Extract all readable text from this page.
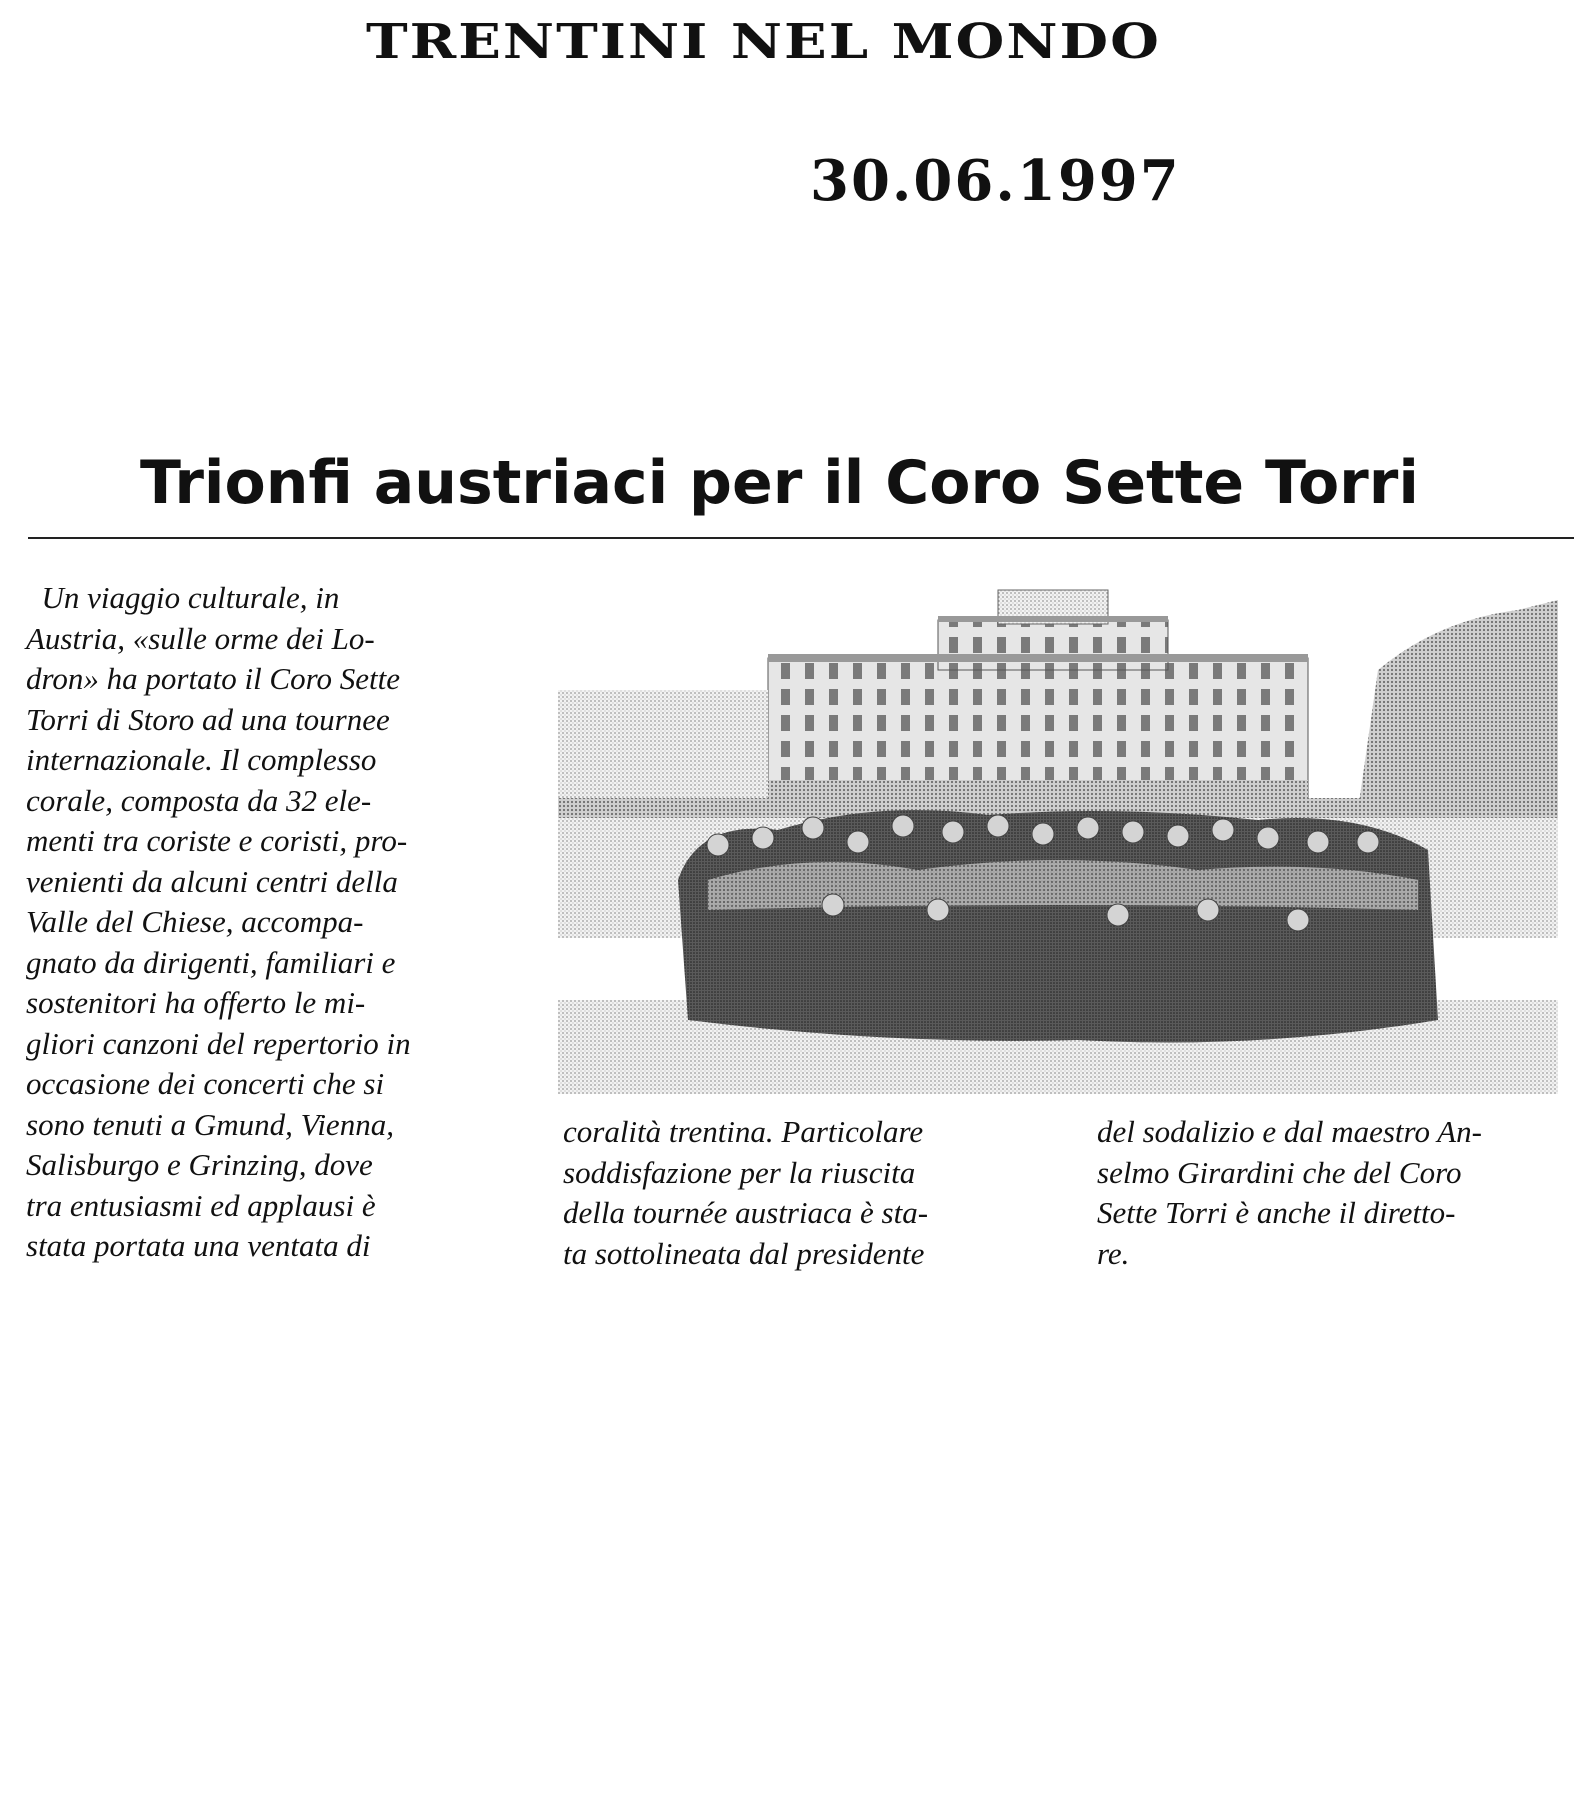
TRENTINI NEL MONDO
30.06.1997
Trionfi austriaci per il Coro Sette Torri
Un viaggio culturale, in
Austria, «sulle orme dei Lo-
dron» ha portato il Coro Sette
Torri di Storo ad una tournee
internazionale. Il complesso
corale, composta da 32 ele-
menti tra coriste e coristi, pro-
venienti da alcuni centri della
Valle del Chiese, accompa-
gnato da dirigenti, familiari e
sostenitori ha offerto le mi-
gliori canzoni del repertorio in
occasione dei concerti che si
sono tenuti a Gmund, Vienna,
Salisburgo e Grinzing, dove
tra entusiasmi ed applausi è
stata portata una ventata di
coralità trentina. Particolare
soddisfazione per la riuscita
della tournée austriaca è sta-
ta sottolineata dal presidente
del sodalizio e dal maestro An-
selmo Girardini che del Coro
Sette Torri è anche il diretto-
re.
